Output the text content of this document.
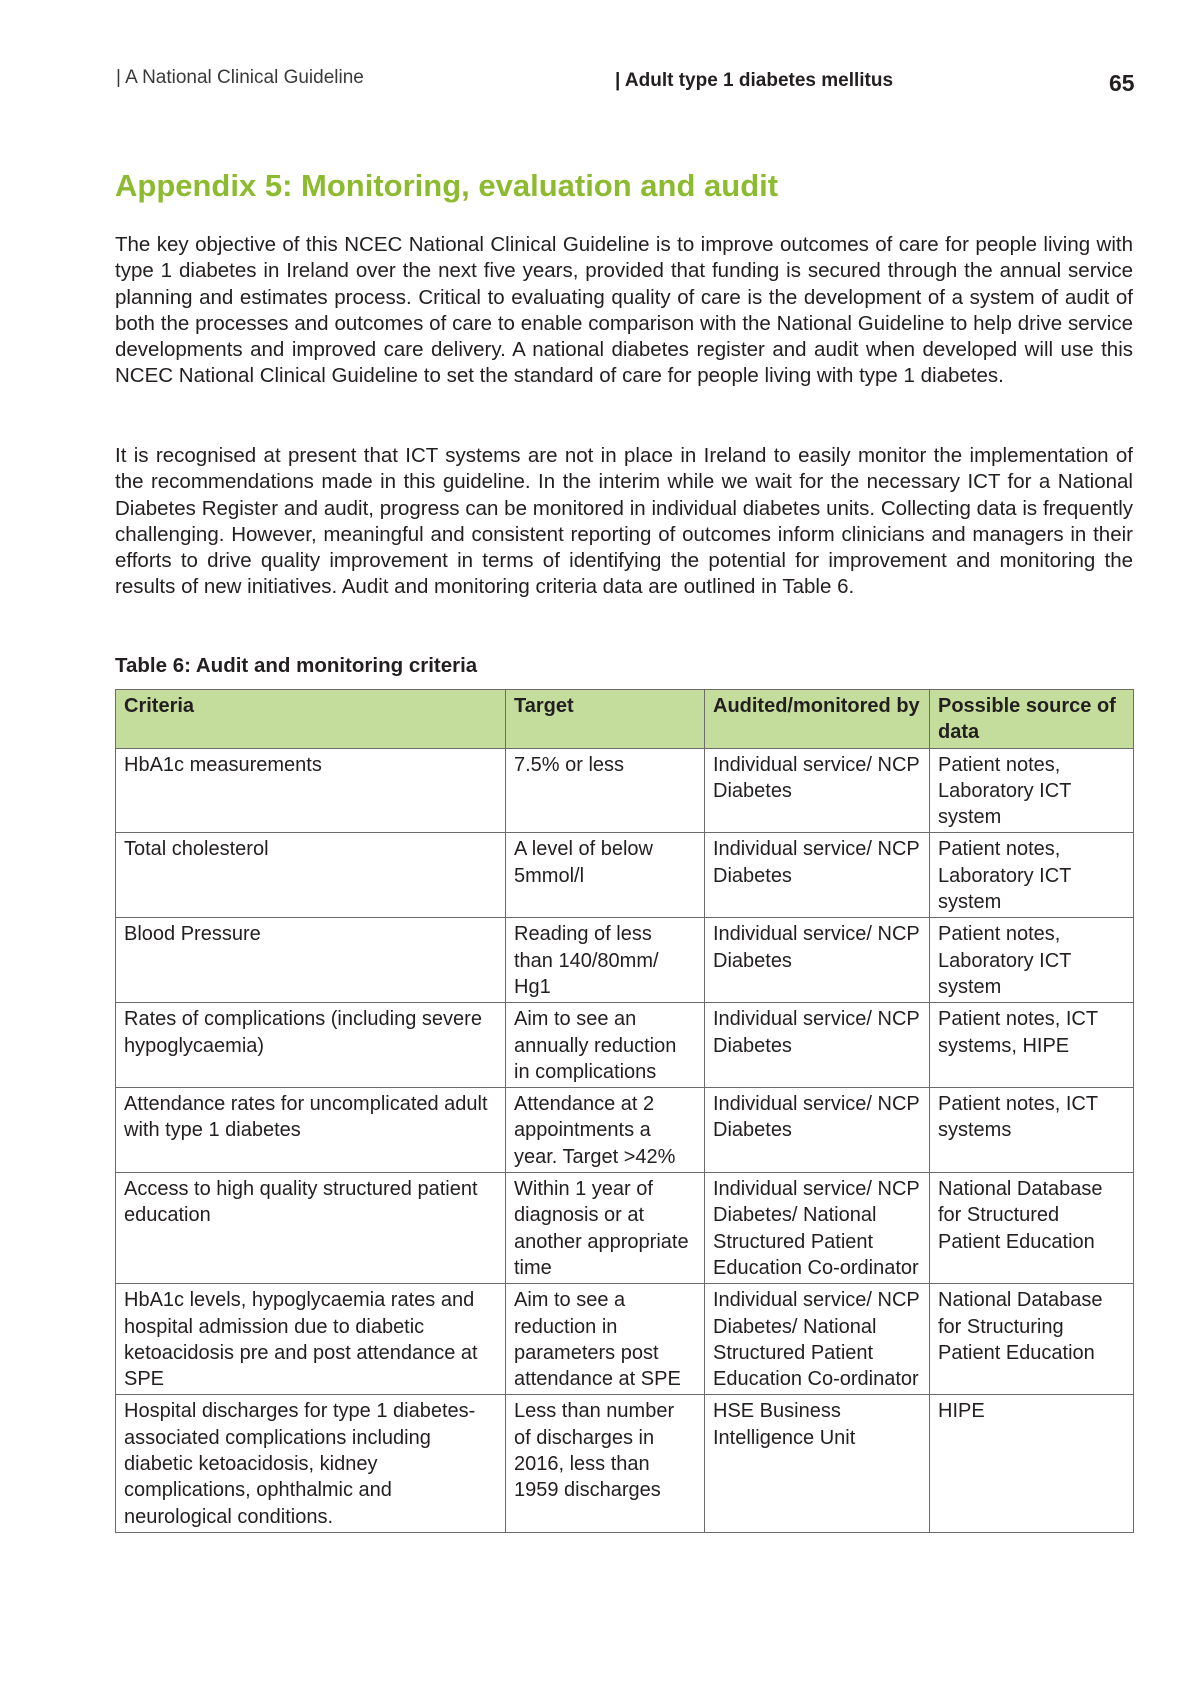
| A National Clinical Guideline	| Adult type 1 diabetes mellitus	65
Appendix 5: Monitoring, evaluation and audit

The key objective of this NCEC National Clinical Guideline is to improve outcomes of care for people living with type 1 diabetes in Ireland over the next five years, provided that funding is secured through the annual service planning and estimates process. Critical to evaluating quality of care is the development of a system of audit of both the processes and outcomes of care to enable comparison with the National Guideline to help drive service developments and improved care delivery. A national diabetes register and audit when developed will use this NCEC National Clinical Guideline to set the standard of care for people living with type 1 diabetes.

It is recognised at present that ICT systems are not in place in Ireland to easily monitor the implementation of the recommendations made in this guideline. In the interim while we wait for the necessary ICT for a National Diabetes Register and audit, progress can be monitored in individual diabetes units. Collecting data is frequently challenging. However, meaningful and consistent reporting of outcomes inform clinicians and managers in their efforts to drive quality improvement in terms of identifying the potential for improvement and monitoring the results of new initiatives. Audit and monitoring criteria data are outlined in Table 6.

Table 6: Audit and monitoring criteria

Criteria	Target	Audited/monitored by	Possible source of data
HbA1c measurements	7.5% or less	Individual service/ NCP Diabetes	Patient notes, Laboratory ICT system
Total cholesterol	A level of below 5mmol/l	Individual service/ NCP Diabetes	Patient notes, Laboratory ICT system
Blood Pressure	Reading of less than 140/80mm/ Hg1	Individual service/ NCP Diabetes	Patient notes, Laboratory ICT system
Rates of complications (including severe hypoglycaemia)	Aim to see an annually reduction in complications	Individual service/ NCP Diabetes	Patient notes, ICT systems, HIPE
Attendance rates for uncomplicated adult with type 1 diabetes	Attendance at 2 appointments a year. Target >42%	Individual service/ NCP Diabetes	Patient notes, ICT systems
Access to high quality structured patient education	Within 1 year of diagnosis or at another appropriate time	Individual service/ NCP Diabetes/ National Structured Patient Education Co-ordinator	National Database for Structured Patient Education
HbA1c levels, hypoglycaemia rates and hospital admission due to diabetic ketoacidosis pre and post attendance at SPE	Aim to see a reduction in parameters post attendance at SPE	Individual service/ NCP Diabetes/ National Structured Patient Education Co-ordinator	National Database for Structuring Patient Education
Hospital discharges for type 1 diabetes-associated complications including diabetic ketoacidosis, kidney complications, ophthalmic and neurological conditions.	Less than number of discharges in 2016, less than 1959 discharges	HSE Business Intelligence Unit	HIPE
